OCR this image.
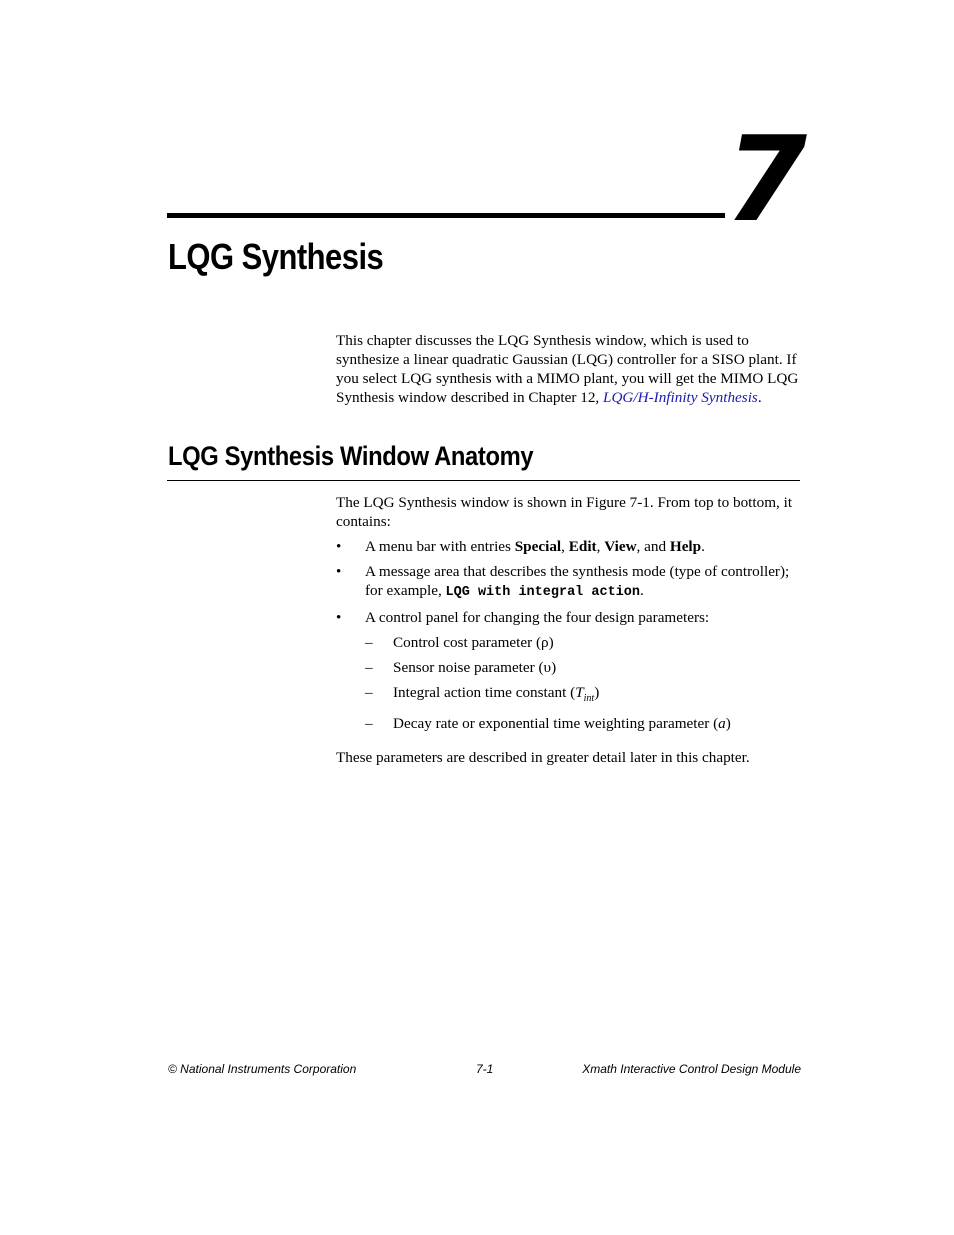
7
LQG Synthesis

This chapter discusses the LQG Synthesis window, which is used to synthesize a linear quadratic Gaussian (LQG) controller for a SISO plant. If you select LQG synthesis with a MIMO plant, you will get the MIMO LQG Synthesis window described in Chapter 12, LQG/H-Infinity Synthesis.

LQG Synthesis Window Anatomy

The LQG Synthesis window is shown in Figure 7-1. From top to bottom, it contains:

• A menu bar with entries Special, Edit, View, and Help.
• A message area that describes the synthesis mode (type of controller); for example, LQG with integral action.
• A control panel for changing the four design parameters:
– Control cost parameter (ρ)
– Sensor noise parameter (υ)
– Integral action time constant $(T_{int})$
– Decay rate or exponential time weighting parameter (a)

These parameters are described in greater detail later in this chapter.

© National Instruments Corporation	7-1	Xmath Interactive Control Design Module
